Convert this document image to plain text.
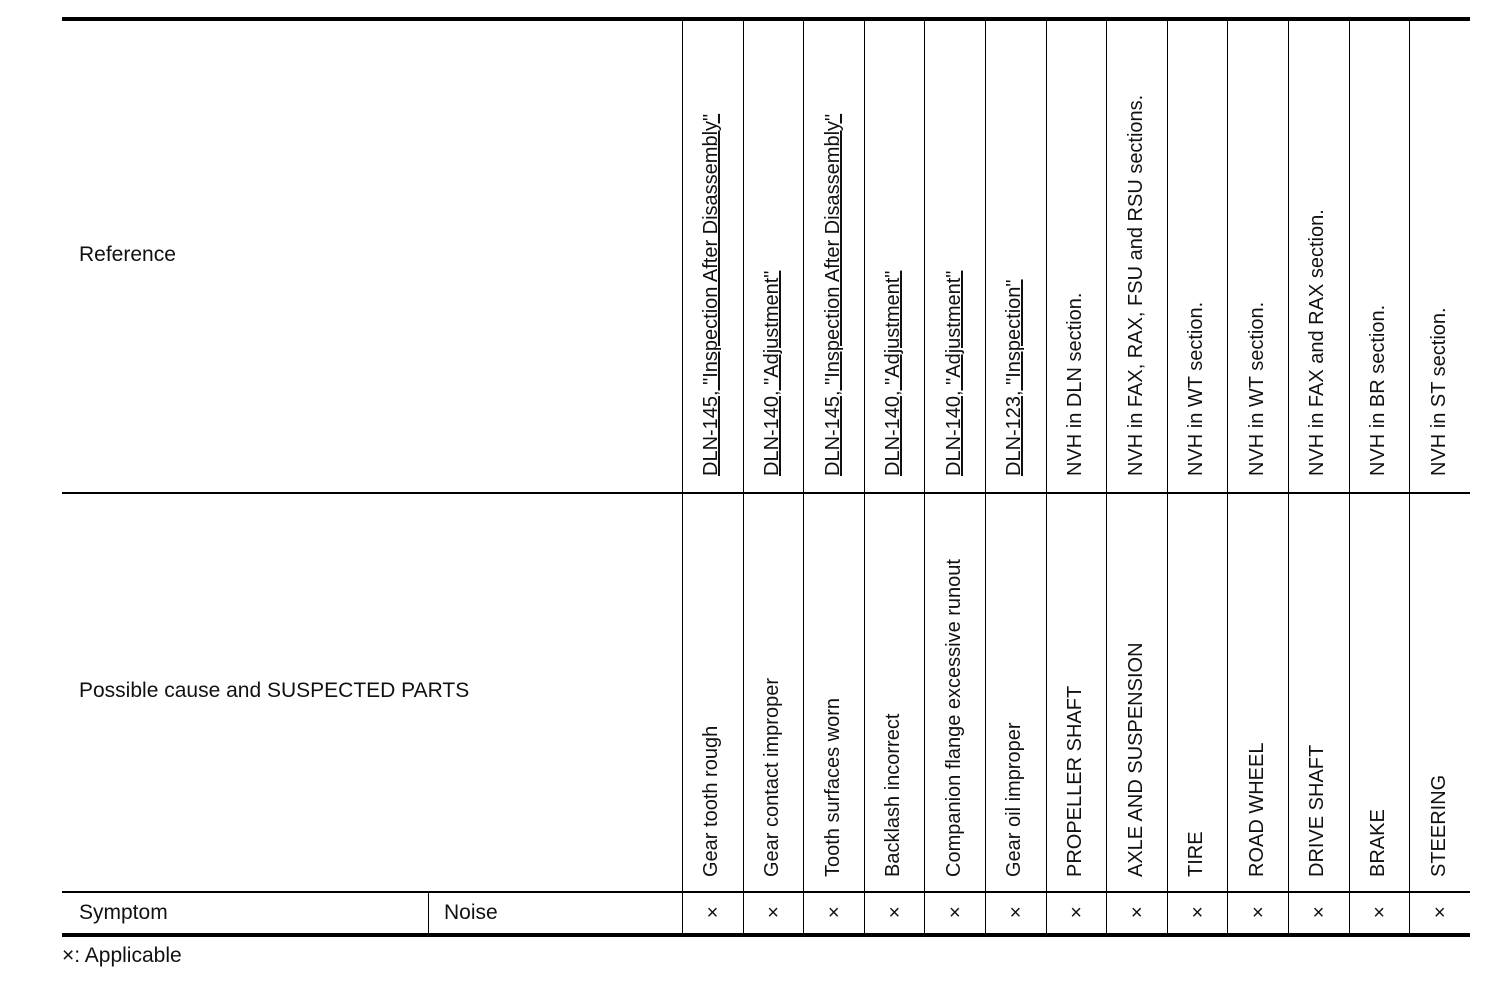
Reference
Possible cause and SUSPECTED PARTS
Symptom	Noise
DLN-145, "Inspection After Disassembly"
Gear tooth rough
×
DLN-140, "Adjustment"
Gear contact improper
×
DLN-145, "Inspection After Disassembly"
Tooth surfaces worn
×
DLN-140, "Adjustment"
Backlash incorrect
×
DLN-140, "Adjustment"
Companion flange excessive runout
×
DLN-123, "Inspection"
Gear oil improper
×
NVH in DLN section.
PROPELLER SHAFT
×
NVH in FAX, RAX, FSU and RSU sections.
AXLE AND SUSPENSION
×
NVH in WT section.
TIRE
×
NVH in WT section.
ROAD WHEEL
×
NVH in FAX and RAX section.
DRIVE SHAFT
×
NVH in BR section.
BRAKE
×
NVH in ST section.
STEERING
×
×: Applicable
